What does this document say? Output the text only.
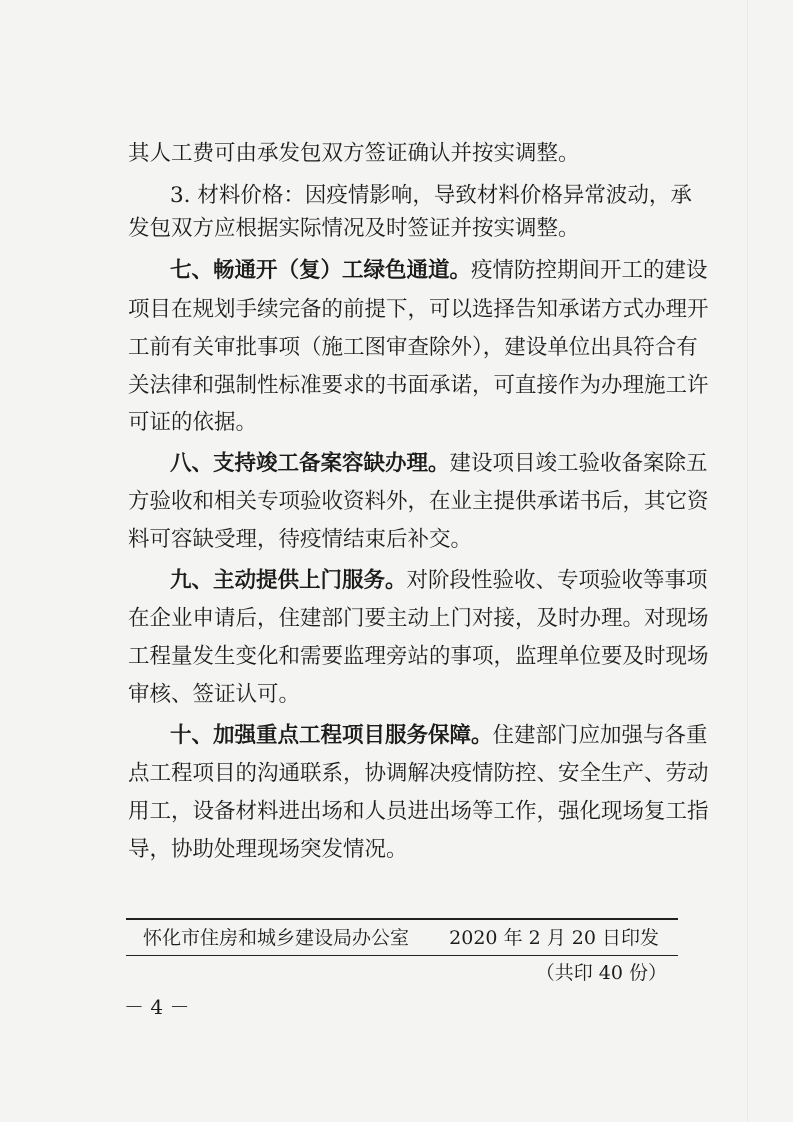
其人工费可由承发包双方签证确认并按实调整。
3. 材料价格：因疫情影响，导致材料价格异常波动，承
发包双方应根据实际情况及时签证并按实调整。
七、畅通开（复）工绿色通道。疫情防控期间开工的建设
项目在规划手续完备的前提下，可以选择告知承诺方式办理开
工前有关审批事项（施工图审查除外），建设单位出具符合有
关法律和强制性标准要求的书面承诺，可直接作为办理施工许
可证的依据。
八、支持竣工备案容缺办理。建设项目竣工验收备案除五
方验收和相关专项验收资料外，在业主提供承诺书后，其它资
料可容缺受理，待疫情结束后补交。
九、主动提供上门服务。对阶段性验收、专项验收等事项
在企业申请后，住建部门要主动上门对接，及时办理。对现场
工程量发生变化和需要监理旁站的事项，监理单位要及时现场
审核、签证认可。
十、加强重点工程项目服务保障。住建部门应加强与各重
点工程项目的沟通联系，协调解决疫情防控、安全生产、劳动
用工，设备材料进出场和人员进出场等工作，强化现场复工指
导，协助处理现场突发情况。
怀化市住房和城乡建设局办公室 2020 年 2 月 20 日印发
（共印 40 份）
－ 4 －
